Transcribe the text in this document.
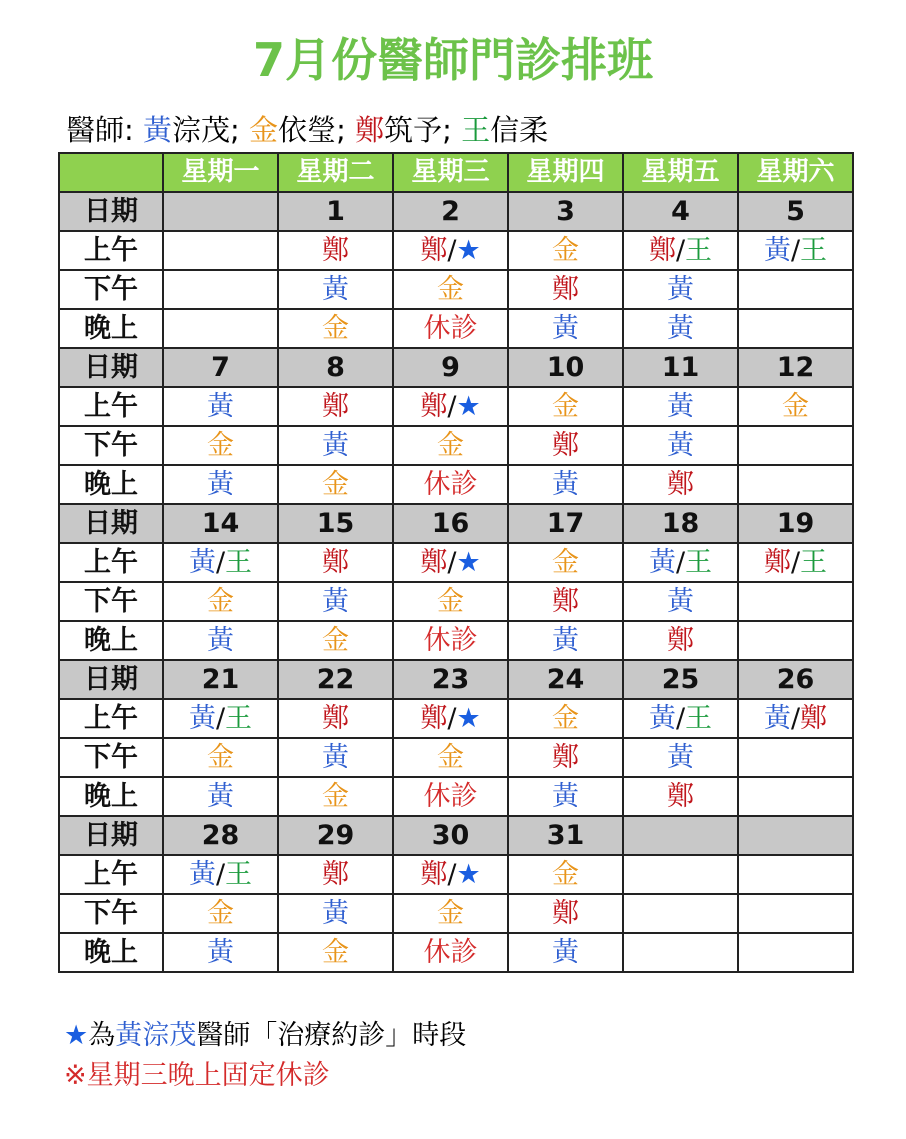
7月份醫師門診排班
醫師: 黃淙茂; 金依瑩; 鄭筑予; 王信柔
	星期一	星期二	星期三	星期四	星期五	星期六
日期		1	2	3	4	5
上午		鄭	鄭/★	金	鄭/王	黃/王
下午		黃	金	鄭	黃	
晚上		金	休診	黃	黃	
日期	7	8	9	10	11	12
上午	黃	鄭	鄭/★	金	黃	金
下午	金	黃	金	鄭	黃	
晚上	黃	金	休診	黃	鄭	
日期	14	15	16	17	18	19
上午	黃/王	鄭	鄭/★	金	黃/王	鄭/王
下午	金	黃	金	鄭	黃	
晚上	黃	金	休診	黃	鄭	
日期	21	22	23	24	25	26
上午	黃/王	鄭	鄭/★	金	黃/王	黃/鄭
下午	金	黃	金	鄭	黃	
晚上	黃	金	休診	黃	鄭	
日期	28	29	30	31		
上午	黃/王	鄭	鄭/★	金		
下午	金	黃	金	鄭		
晚上	黃	金	休診	黃		
★為黃淙茂醫師「治療約診」時段
※星期三晚上固定休診
